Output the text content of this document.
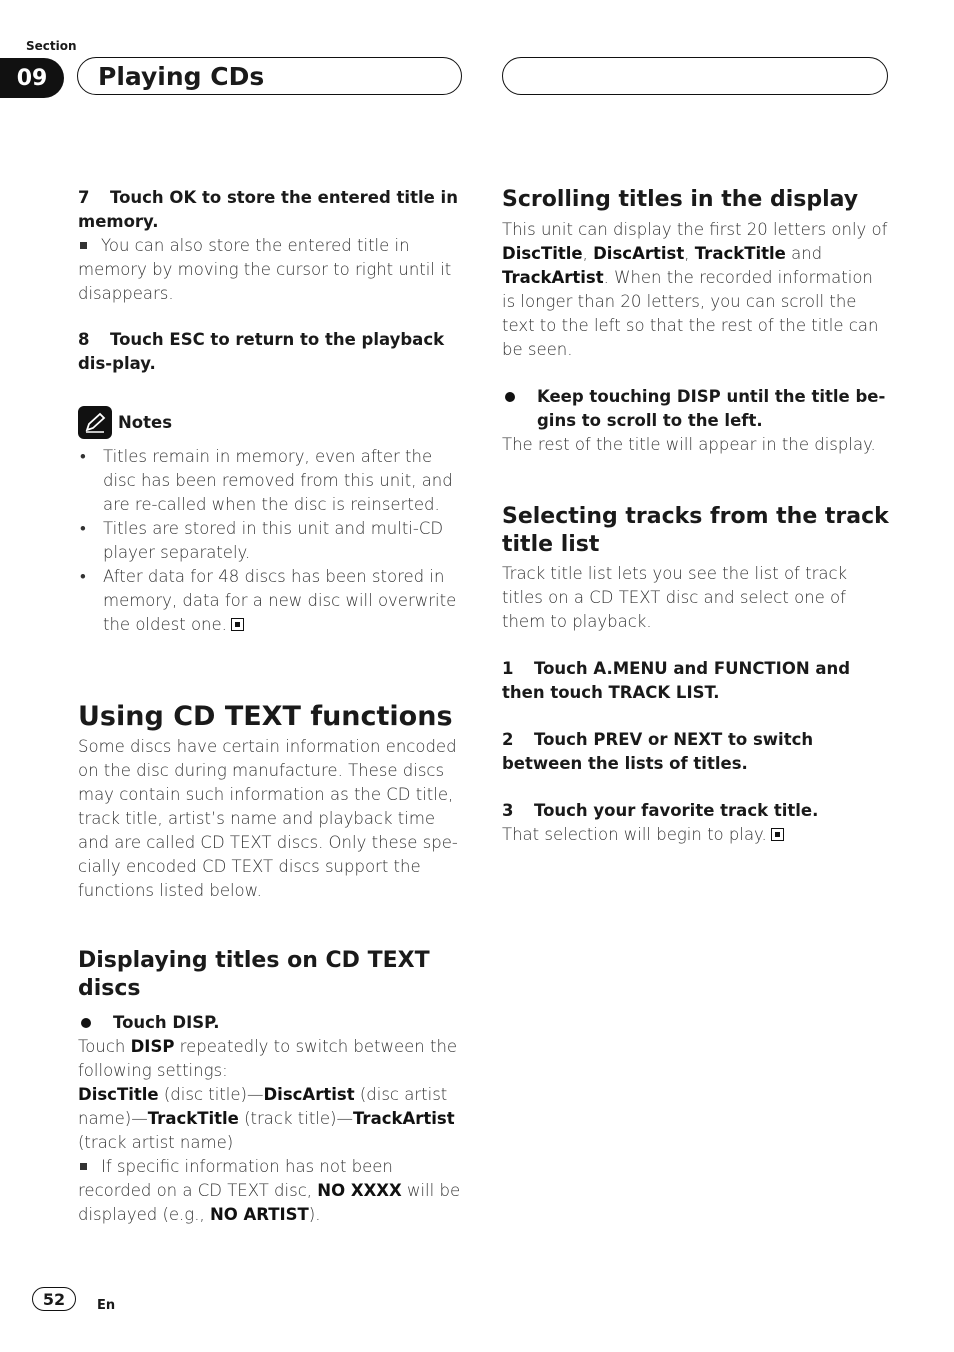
Section
09	Playing CDs

7 Touch OK to store the entered title in memory.

You can also store the entered title in memory by moving the cursor to right until it disappears.

8 Touch ESC to return to the playback dis-play.

Notes
• Titles remain in memory, even after the disc has been removed from this unit, and are re-called when the disc is reinserted.
• Titles are stored in this unit and multi-CD player separately.
• After data for 48 discs has been stored in memory, data for a new disc will overwrite the oldest one.
Using CD TEXT functions

Some discs have certain information encoded on the disc during manufacture. These discs may contain such information as the CD title, track title, artist’s name and playback time and are called CD TEXT discs. Only these spe-cially encoded CD TEXT discs support the functions listed below.

Displaying titles on CD TEXT discs

Touch DISP.

Touch DISP repeatedly to switch between the following settings:

DiscTitle (disc title)—DiscArtist (disc artist name)—TrackTitle (track title)—TrackArtist (track artist name)

If specific information has not been recorded on a CD TEXT disc, NO XXXX will be displayed (e.g., NO ARTIST).

Scrolling titles in the display

This unit can display the first 20 letters only of DiscTitle, DiscArtist, TrackTitle and TrackArtist. When the recorded information is longer than 20 letters, you can scroll the text to the left so that the rest of the title can be seen.

Keep touching DISP until the title be-gins to scroll to the left.

The rest of the title will appear in the display.

Selecting tracks from the track title list

Track title list lets you see the list of track titles on a CD TEXT disc and select one of them to playback.

1 Touch A.MENU and FUNCTION and then touch TRACK LIST.

2 Touch PREV or NEXT to switch between the lists of titles.

3 Touch your favorite track title.

That selection will begin to play.

52	En
